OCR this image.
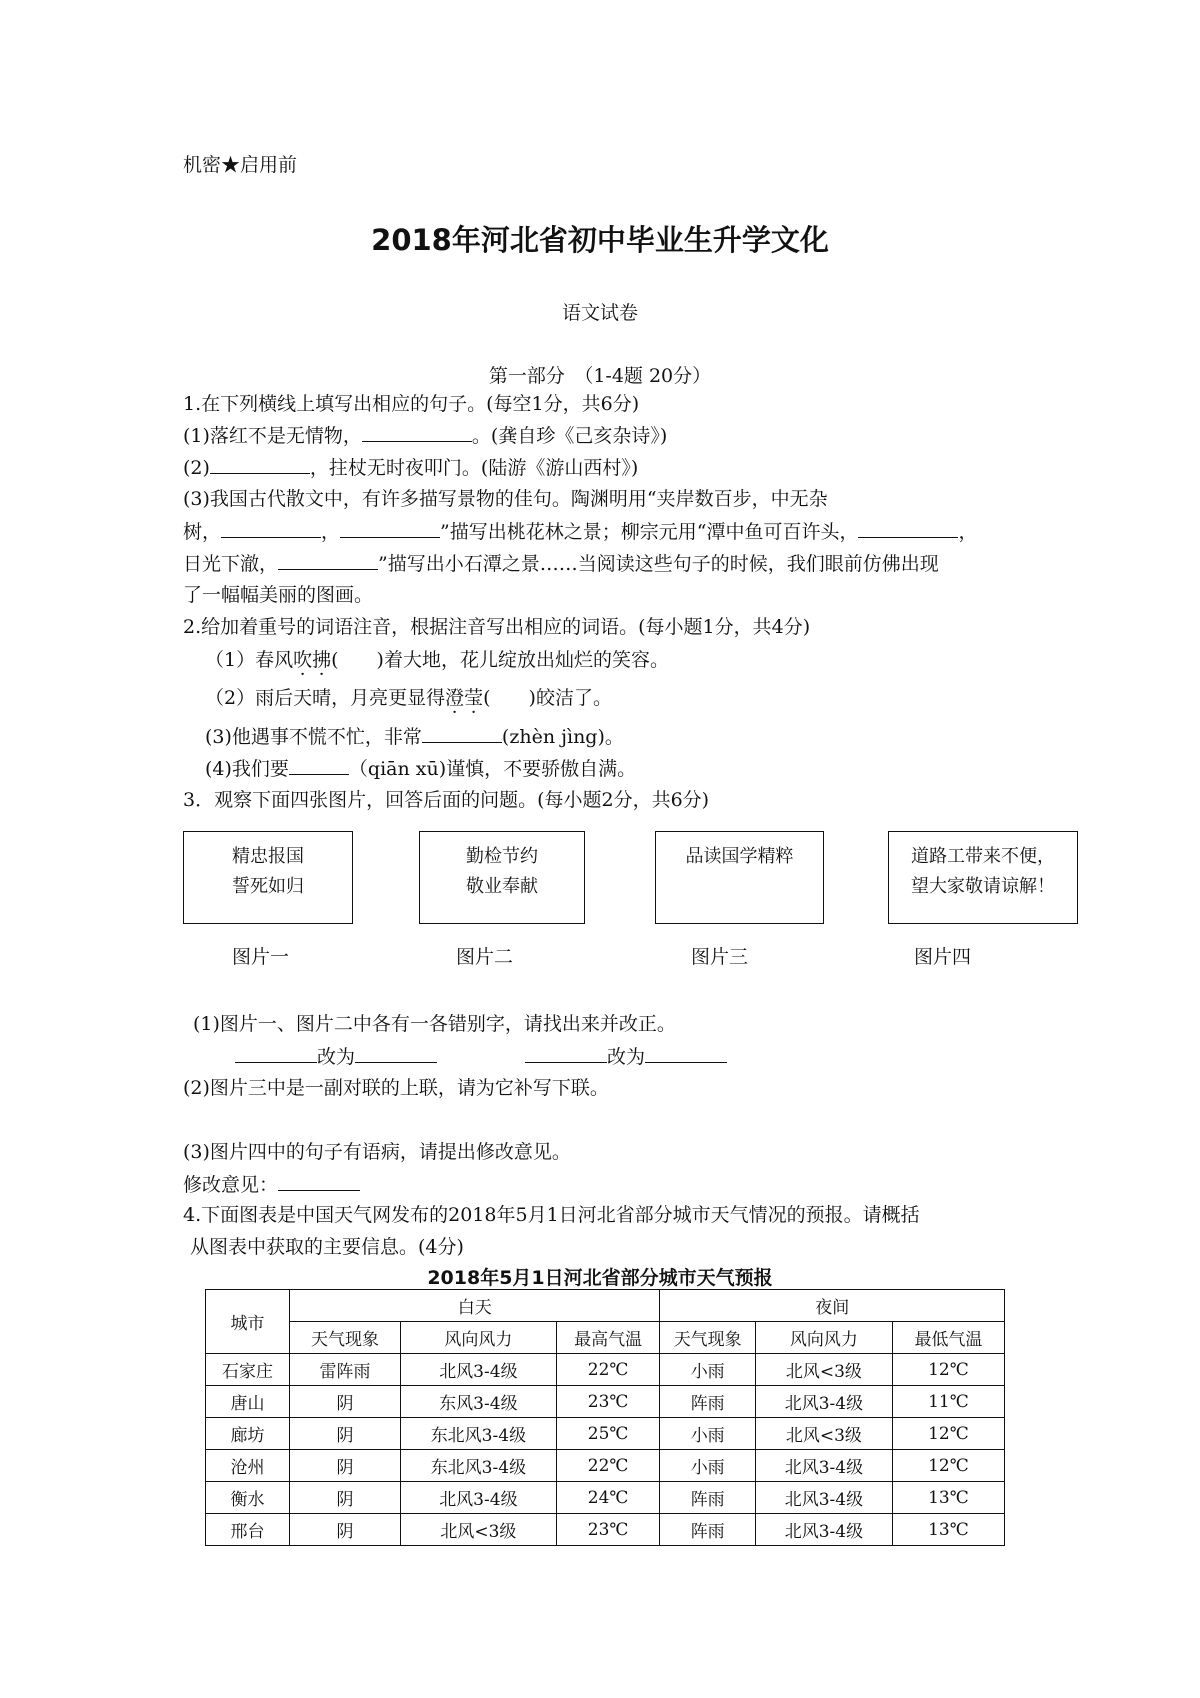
机密★启用前
2018年河北省初中毕业生升学文化
语文试卷
第一部分　（1-4题 20分）
1.在下列横线上填写出相应的句子。(每空1分，共6分)
(1)落红不是无情物，	。(龚自珍《己亥杂诗》)
(2)	，拄杖无时夜叩门。(陆游《游山西村》)
(3)我国古代散文中，有许多描写景物的佳句。陶渊明用“夹岸数百步，中无杂
树，	，	”描写出桃花林之景；柳宗元用“潭中鱼可百许头，	，
日光下澈，	”描写出小石潭之景……当阅读这些句子的时候，我们眼前仿佛出现
了一幅幅美丽的图画。
2.给加着重号的词语注音，根据注音写出相应的词语。(每小题1分，共4分)
（1）春风吹拂(　　)着大地，花儿绽放出灿烂的笑容。
（2）雨后天晴，月亮更显得澄莹(　　)皎洁了。
(3)他遇事不慌不忙，非常	(zhèn jìng)。
(4)我们要	（qiān xū)谨慎，不要骄傲自满。
3．观察下面四张图片，回答后面的问题。(每小题2分，共6分)
精忠报国
誓死如归
勤检节约
敬业奉献
品读国学精粹	道路工带来不便，
望大家敬请谅解！
图片一	图片二	图片三	图片四
(1)图片一、图片二中各有一各错别字，请找出来并改正。
改为	改为
(2)图片三中是一副对联的上联，请为它补写下联。
(3)图片四中的句子有语病，请提出修改意见。
修改意见：
4.下面图表是中国天气网发布的2018年5月1日河北省部分城市天气情况的预报。请概括
从图表中获取的主要信息。(4分)
2018年5月1日河北省部分城市天气预报
城市	白天			夜间		
	天气现象	风向风力	最高气温	天气现象	风向风力	最低气温
石家庄	雷阵雨	北风3-4级	22℃	小雨	北风<3级	12℃
唐山	阴	东风3-4级	23℃	阵雨	北风3-4级	11℃
廊坊	阴	东北风3-4级	25℃	小雨	北风<3级	12℃
沧州	阴	东北风3-4级	22℃	小雨	北风3-4级	12℃
衡水	阴	北风3-4级	24℃	阵雨	北风3-4级	13℃
邢台	阴	北风<3级	23℃	阵雨	北风3-4级	13℃
